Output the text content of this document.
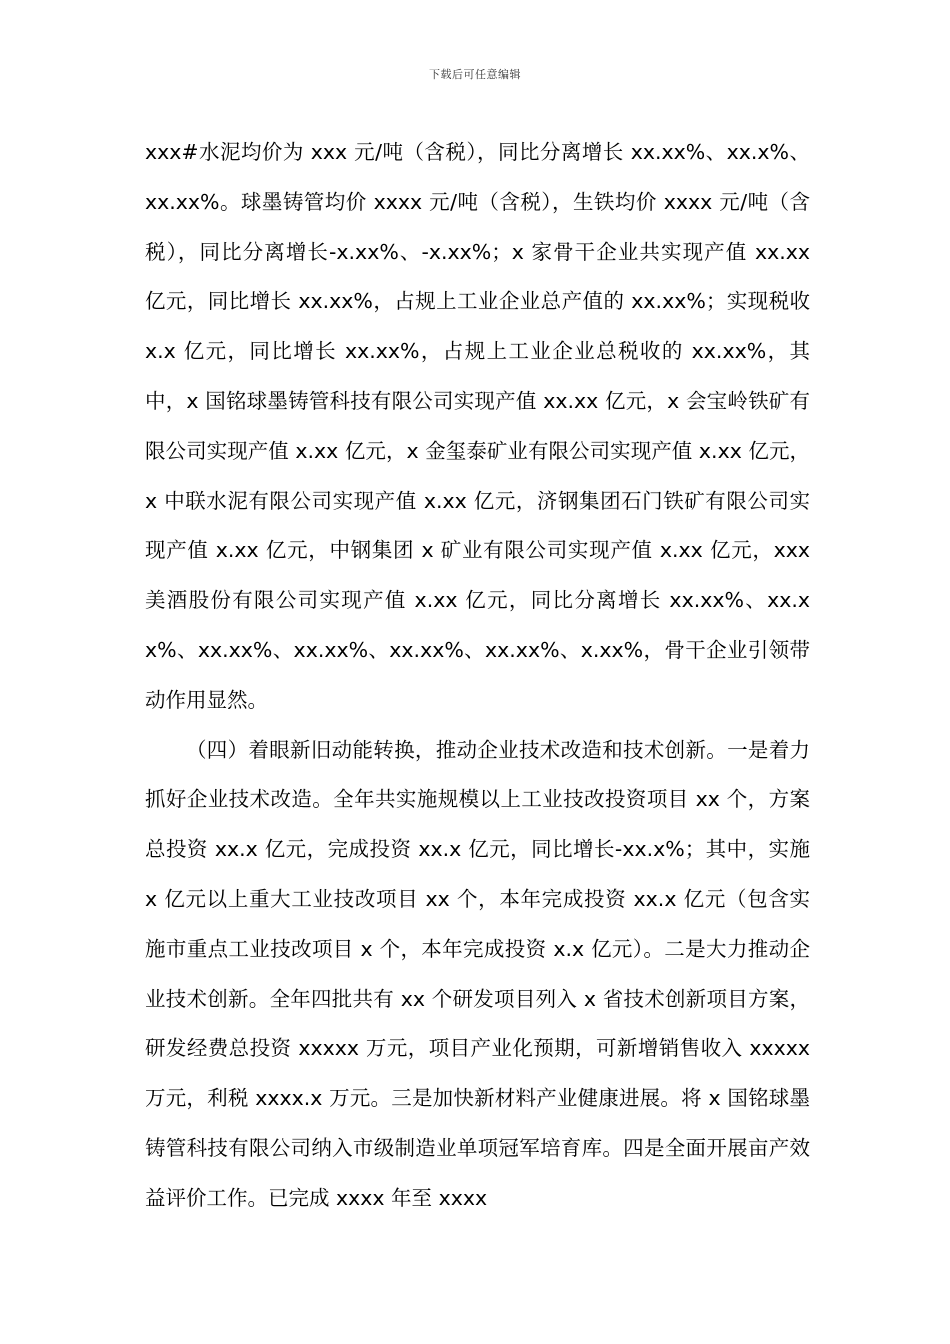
下载后可任意编辑

xxx#水泥均价为 xxx 元/吨（含税），同比分离增长 xx.xx%、xx.x%、xx.xx%。球墨铸管均价 xxxx 元/吨（含税），生铁均价 xxxx 元/吨（含税），同比分离增长-x.xx%、-x.xx%；x 家骨干企业共实现产值 xx.xx 亿元，同比增长 xx.xx%，占规上工业企业总产值的 xx.xx%；实现税收 x.x 亿元，同比增长 xx.xx%，占规上工业企业总税收的 xx.xx%，其中，x 国铭球墨铸管科技有限公司实现产值 xx.xx 亿元，x 会宝岭铁矿有限公司实现产值 x.xx 亿元，x 金玺泰矿业有限公司实现产值 x.xx 亿元，x 中联水泥有限公司实现产值 x.xx 亿元，济钢集团石门铁矿有限公司实现产值 x.xx 亿元，中钢集团 x 矿业有限公司实现产值 x.xx 亿元，xxx 美酒股份有限公司实现产值 x.xx 亿元，同比分离增长 xx.xx%、xx.xx%、xx.xx%、xx.xx%、xx.xx%、xx.xx%、x.xx%，骨干企业引领带动作用显然。

（四）着眼新旧动能转换，推动企业技术改造和技术创新。一是着力抓好企业技术改造。全年共实施规模以上工业技改投资项目 xx 个，方案总投资 xx.x 亿元，完成投资 xx.x 亿元，同比增长-xx.x%；其中，实施 x 亿元以上重大工业技改项目 xx 个，本年完成投资 xx.x 亿元（包含实施市重点工业技改项目 x 个，本年完成投资 x.x 亿元）。二是大力推动企业技术创新。全年四批共有 xx 个研发项目列入 x 省技术创新项目方案，研发经费总投资 xxxxx 万元，项目产业化预期，可新增销售收入 xxxxx 万元，利税 xxxx.x 万元。三是加快新材料产业健康进展。将 x 国铭球墨铸管科技有限公司纳入市级制造业单项冠军培育库。四是全面开展亩产效益评价工作。已完成 xxxx 年至 xxxx
